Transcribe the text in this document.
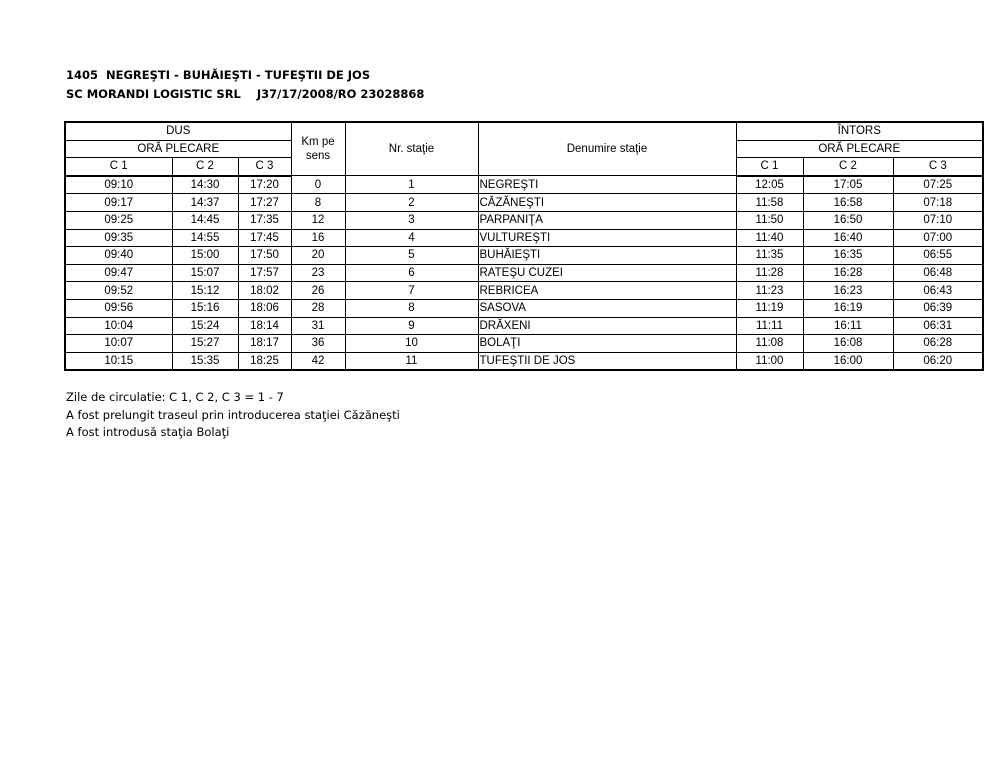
1405  NEGREŞTI - BUHĂIEŞTI - TUFEŞTII DE JOS
SC MORANDI LOGISTIC SRL    J37/17/2008/RO 23028868
DUS			Km pe sens	Nr. staţie	Denumire staţie	ÎNTORS		
ORĂ PLECARE						ORĂ PLECARE		
C 1	C 2	C 3				C 1	C 2	C 3
09:10	14:30	17:20	0	1	NEGREŞTI	12:05	17:05	07:25
09:17	14:37	17:27	8	2	CĂZĂNEŞTI	11:58	16:58	07:18
09:25	14:45	17:35	12	3	PARPANIŢA	11:50	16:50	07:10
09:35	14:55	17:45	16	4	VULTUREŞTI	11:40	16:40	07:00
09:40	15:00	17:50	20	5	BUHĂIEŞTI	11:35	16:35	06:55
09:47	15:07	17:57	23	6	RATEŞU CUZEI	11:28	16:28	06:48
09:52	15:12	18:02	26	7	REBRICEA	11:23	16:23	06:43
09:56	15:16	18:06	28	8	SASOVA	11:19	16:19	06:39
10:04	15:24	18:14	31	9	DRĂXENI	11:11	16:11	06:31
10:07	15:27	18:17	36	10	BOLAŢI	11:08	16:08	06:28
10:15	15:35	18:25	42	11	TUFEŞTII DE JOS	11:00	16:00	06:20
Zile de circulatie: C 1, C 2, C 3 = 1 - 7
A fost prelungit traseul prin introducerea staţiei Căzăneşti
A fost introdusă staţia Bolaţi
